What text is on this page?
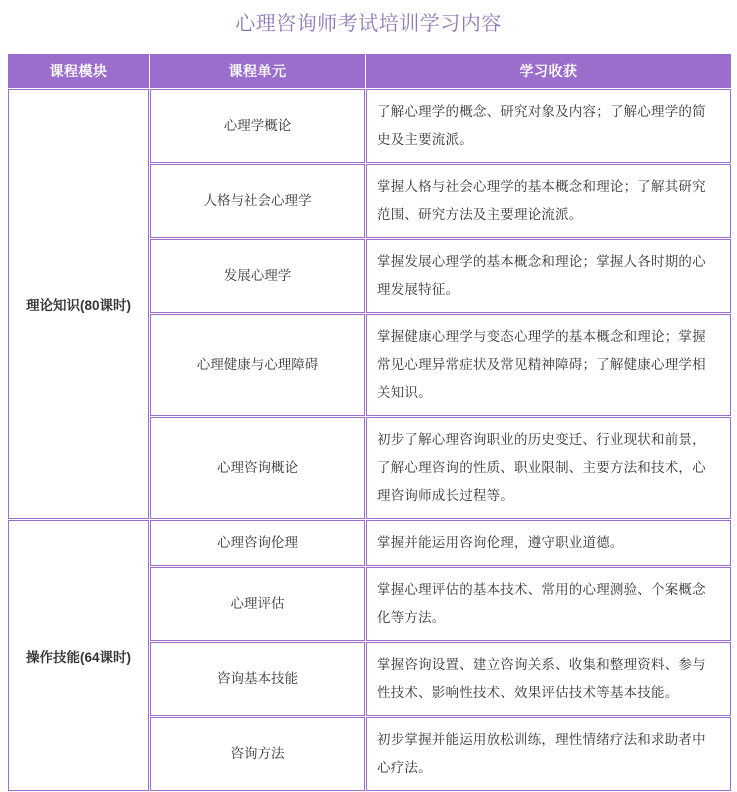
心理咨询师考试培训学习内容
课程模块	课程单元	学习收获
理论知识(80课时)	心理学概论	了解心理学的概念、研究对象及内容；了解心理学的简史及主要流派。
	人格与社会心理学	掌握人格与社会心理学的基本概念和理论；了解其研究范围、研究方法及主要理论流派。
	发展心理学	掌握发展心理学的基本概念和理论；掌握人各时期的心理发展特征。
	心理健康与心理障碍	掌握健康心理学与变态心理学的基本概念和理论；掌握常见心理异常症状及常见精神障碍；了解健康心理学相关知识。
	心理咨询概论	初步了解心理咨询职业的历史变迁、行业现状和前景，了解心理咨询的性质、职业限制、主要方法和技术，心理咨询师成长过程等。
操作技能(64课时)	心理咨询伦理	掌握并能运用咨询伦理，遵守职业道德。
	心理评估	掌握心理评估的基本技术、常用的心理测验、个案概念化等方法。
	咨询基本技能	掌握咨询设置、建立咨询关系、收集和整理资料、参与性技术、影响性技术、效果评估技术等基本技能。
	咨询方法	初步掌握并能运用放松训练，理性情绪疗法和求助者中心疗法。
